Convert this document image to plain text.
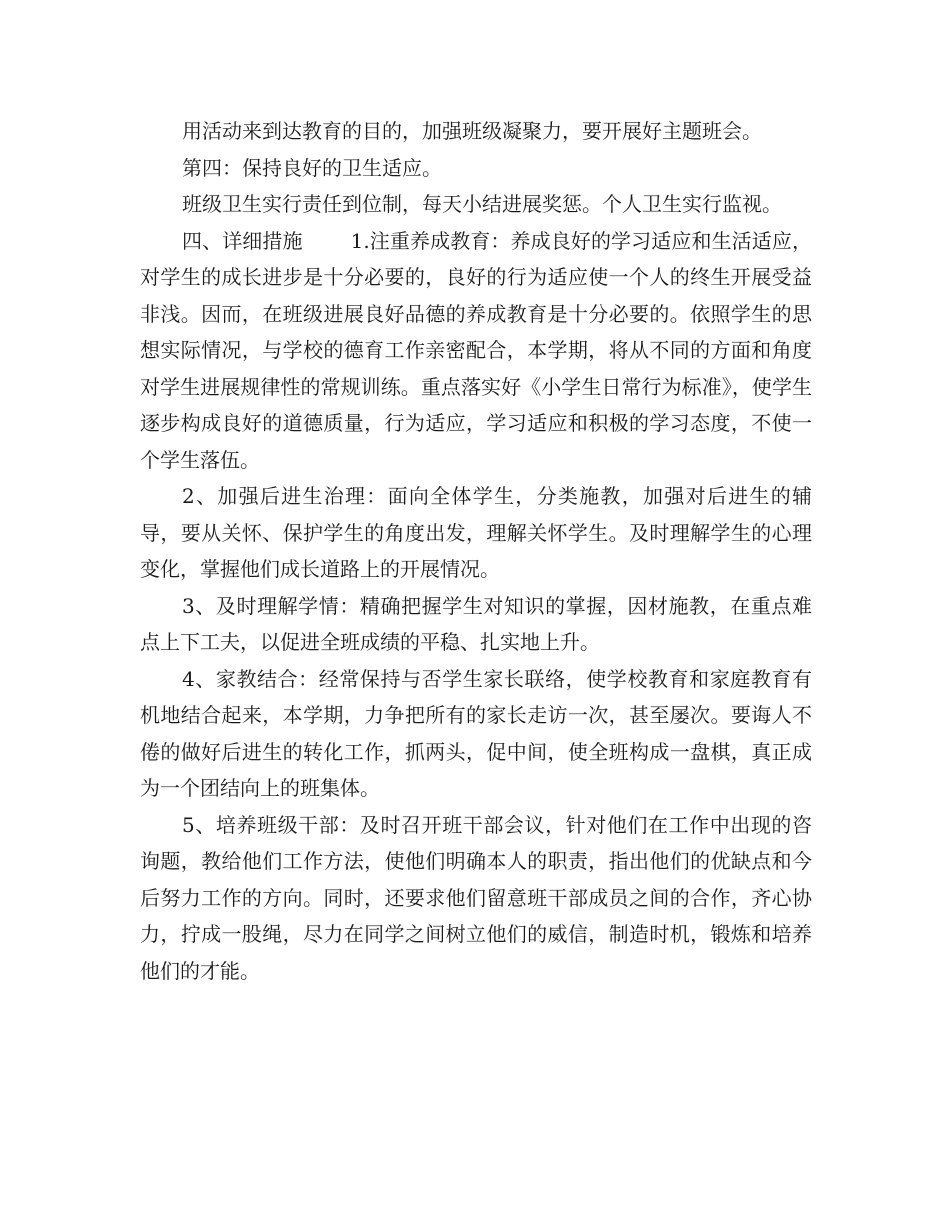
用活动来到达教育的目的，加强班级凝聚力，要开展好主题班会。

第四：保持良好的卫生适应。

班级卫生实行责任到位制，每天小结进展奖惩。个人卫生实行监视。

四、详细措施 1.注重养成教育：养成良好的学习适应和生活适应，对学生的成长进步是十分必要的，良好的行为适应使一个人的终生开展受益非浅。因而，在班级进展良好品德的养成教育是十分必要的。依照学生的思想实际情况，与学校的德育工作亲密配合，本学期，将从不同的方面和角度对学生进展规律性的常规训练。重点落实好《小学生日常行为标准》，使学生逐步构成良好的道德质量，行为适应，学习适应和积极的学习态度，不使一个学生落伍。

2、加强后进生治理：面向全体学生，分类施教，加强对后进生的辅导，要从关怀、保护学生的角度出发，理解关怀学生。及时理解学生的心理变化，掌握他们成长道路上的开展情况。

3、及时理解学情：精确把握学生对知识的掌握，因材施教，在重点难点上下工夫，以促进全班成绩的平稳、扎实地上升。

4、家教结合：经常保持与否学生家长联络，使学校教育和家庭教育有机地结合起来，本学期，力争把所有的家长走访一次，甚至屡次。要诲人不倦的做好后进生的转化工作，抓两头，促中间，使全班构成一盘棋，真正成为一个团结向上的班集体。

5、培养班级干部：及时召开班干部会议，针对他们在工作中出现的咨询题，教给他们工作方法，使他们明确本人的职责，指出他们的优缺点和今后努力工作的方向。同时，还要求他们留意班干部成员之间的合作，齐心协力，拧成一股绳，尽力在同学之间树立他们的威信，制造时机，锻炼和培养他们的才能。
